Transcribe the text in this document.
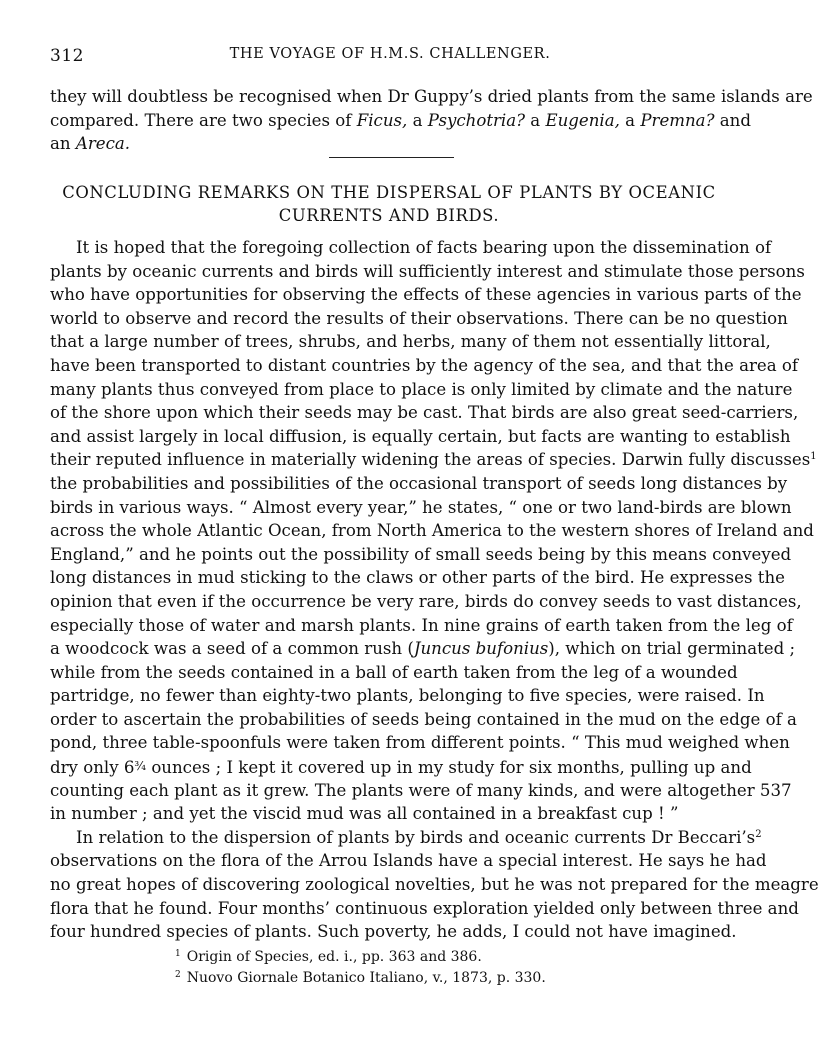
312	THE VOYAGE OF H.M.S. CHALLENGER.
they will doubtless be recognised when Dr Guppy’s dried plants from the same islands are
compared. There are two species of Ficus, a Psychotria? a Eugenia, a Premna? and
an Areca.
CONCLUDING REMARKS ON THE DISPERSAL OF PLANTS BY OCEANIC
CURRENTS AND BIRDS.
It is hoped that the foregoing collection of facts bearing upon the dissemination of
plants by oceanic currents and birds will sufficiently interest and stimulate those persons
who have opportunities for observing the effects of these agencies in various parts of the
world to observe and record the results of their observations. There can be no question
that a large number of trees, shrubs, and herbs, many of them not essentially littoral,
have been transported to distant countries by the agency of the sea, and that the area of
many plants thus conveyed from place to place is only limited by climate and the nature
of the shore upon which their seeds may be cast. That birds are also great seed-carriers,
and assist largely in local diffusion, is equally certain, but facts are wanting to establish
their reputed influence in materially widening the areas of species. Darwin fully discusses$^1$
the probabilities and possibilities of the occasional transport of seeds long distances by
birds in various ways. “ Almost every year,” he states, “ one or two land-birds are blown
across the whole Atlantic Ocean, from North America to the western shores of Ireland and
England,” and he points out the possibility of small seeds being by this means conveyed
long distances in mud sticking to the claws or other parts of the bird. He expresses the
opinion that even if the occurrence be very rare, birds do convey seeds to vast distances,
especially those of water and marsh plants. In nine grains of earth taken from the leg of
a woodcock was a seed of a common rush (Juncus bufonius), which on trial germinated ;
while from the seeds contained in a ball of earth taken from the leg of a wounded
partridge, no fewer than eighty-two plants, belonging to five species, were raised. In
order to ascertain the probabilities of seeds being contained in the mud on the edge of a
pond, three table-spoonfuls were taken from different points. “ This mud weighed when
dry only 6¾ ounces ; I kept it covered up in my study for six months, pulling up and
counting each plant as it grew. The plants were of many kinds, and were altogether 537
in number ; and yet the viscid mud was all contained in a breakfast cup ! ”
In relation to the dispersion of plants by birds and oceanic currents Dr $Beccari’s^2$
observations on the flora of the Arrou Islands have a special interest. He says he had
no great hopes of discovering zoological novelties, but he was not prepared for the meagre
flora that he found. Four months’ continuous exploration yielded only between three and
four hundred species of plants. Such poverty, he adds, I could not have imagined.
$^1$ Origin of Species, ed. i., pp. 363 and 386.
$^2$ Nuovo Giornale Botanico Italiano, v., 1873, p. 330.
